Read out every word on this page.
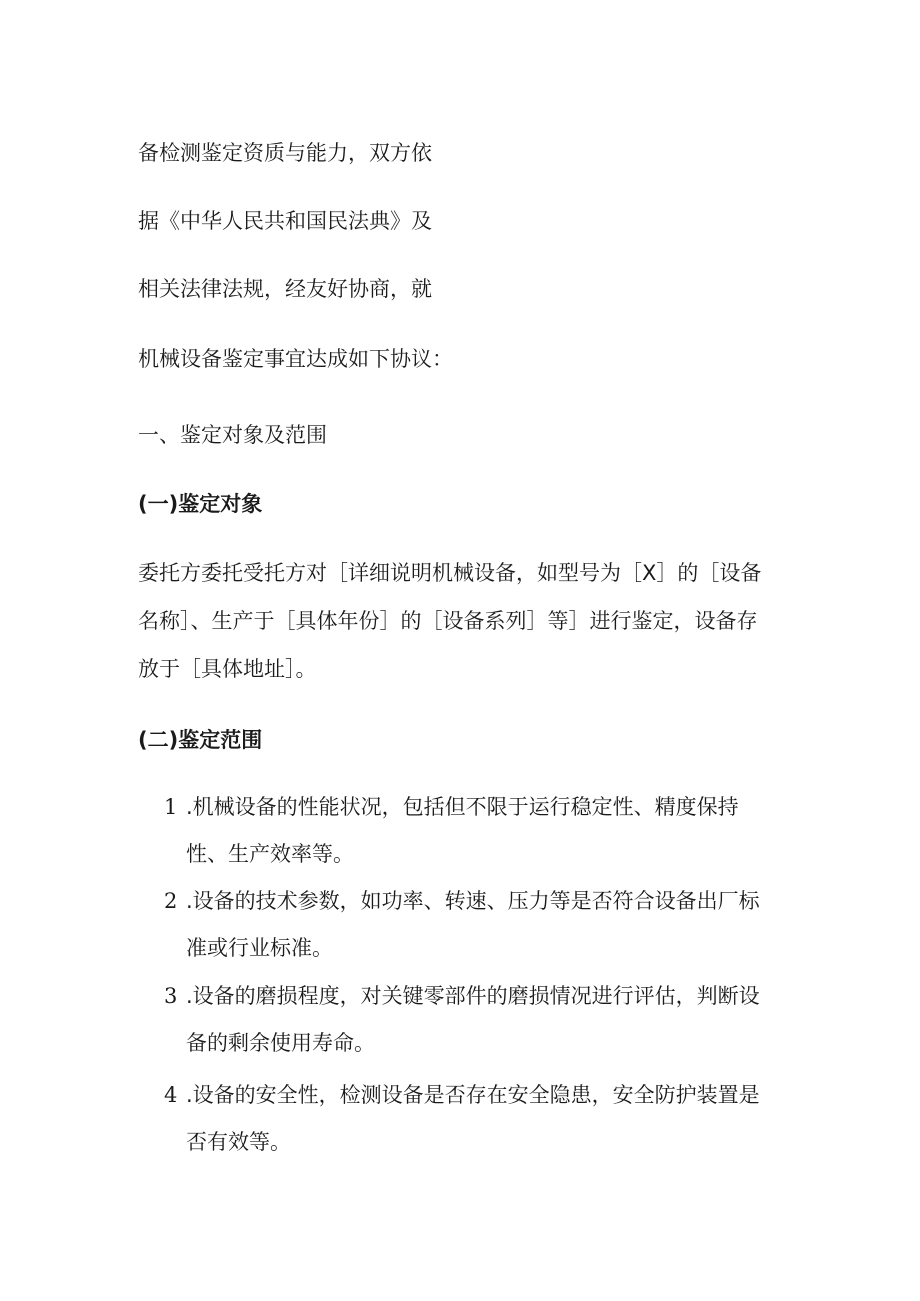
备检测鉴定资质与能力，双方依
据《中华人民共和国民法典》及
相关法律法规，经友好协商，就
机械设备鉴定事宜达成如下协议：
一、鉴定对象及范围
(一)鉴定对象

委托方委托受托方对［详细说明机械设备，如型号为［X］的［设备名称］、生产于［具体年份］的［设备系列］等］进行鉴定，设备存放于［具体地址］。

(二)鉴定范围
1 .机械设备的性能状况，包括但不限于运行稳定性、精度保持性、生产效率等。
2 .设备的技术参数，如功率、转速、压力等是否符合设备出厂标准或行业标准。
3 .设备的磨损程度，对关键零部件的磨损情况进行评估，判断设备的剩余使用寿命。
4 .设备的安全性，检测设备是否存在安全隐患，安全防护装置是否有效等。
